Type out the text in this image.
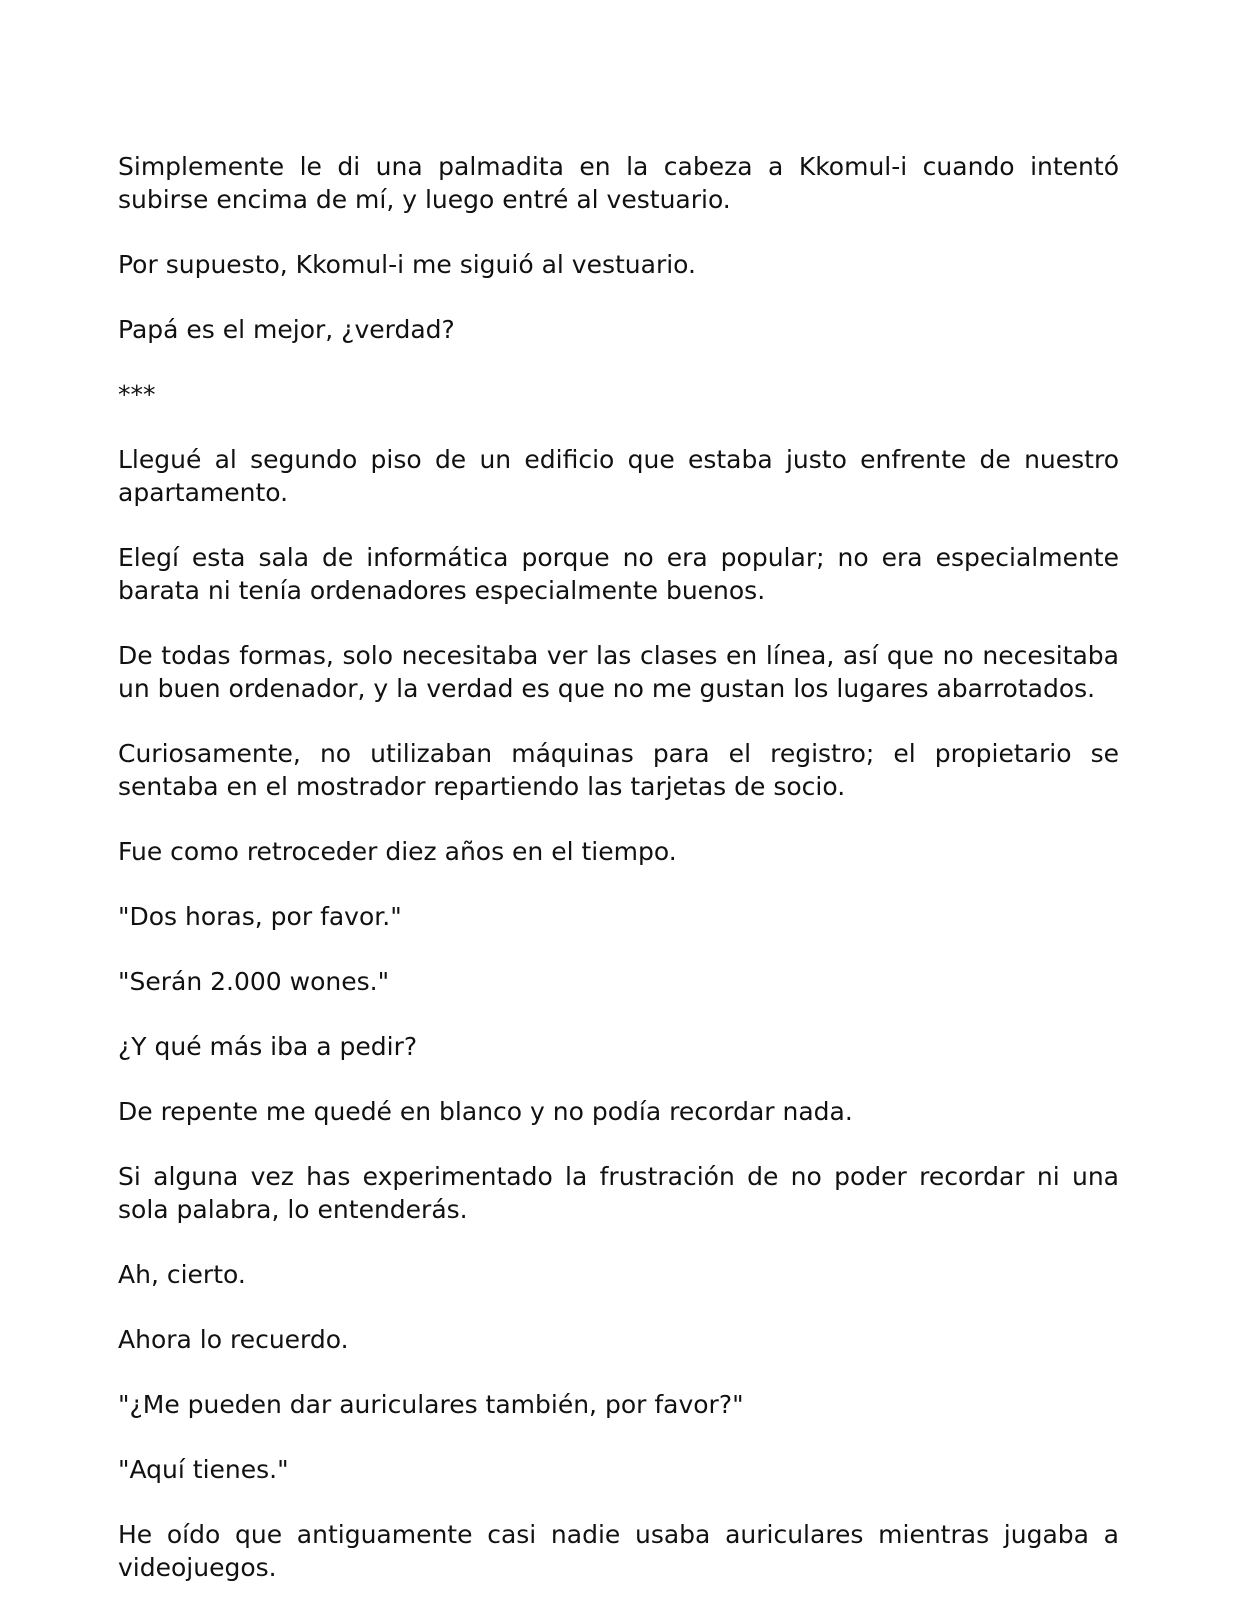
Simplemente le di una palmadita en la cabeza a Kkomul-i cuando intentó subirse encima de mí, y luego entré al vestuario.

Por supuesto, Kkomul-i me siguió al vestuario.

Papá es el mejor, ¿verdad?

***

Llegué al segundo piso de un edificio que estaba justo enfrente de nuestro apartamento.

Elegí esta sala de informática porque no era popular; no era especialmente barata ni tenía ordenadores especialmente buenos.

De todas formas, solo necesitaba ver las clases en línea, así que no necesitaba un buen ordenador, y la verdad es que no me gustan los lugares abarrotados.

Curiosamente, no utilizaban máquinas para el registro; el propietario se sentaba en el mostrador repartiendo las tarjetas de socio.

Fue como retroceder diez años en el tiempo.

"Dos horas, por favor."

"Serán 2.000 wones."

¿Y qué más iba a pedir?

De repente me quedé en blanco y no podía recordar nada.

Si alguna vez has experimentado la frustración de no poder recordar ni una sola palabra, lo entenderás.

Ah, cierto.

Ahora lo recuerdo.

"¿Me pueden dar auriculares también, por favor?"

"Aquí tienes."

He oído que antiguamente casi nadie usaba auriculares mientras jugaba a videojuegos.
